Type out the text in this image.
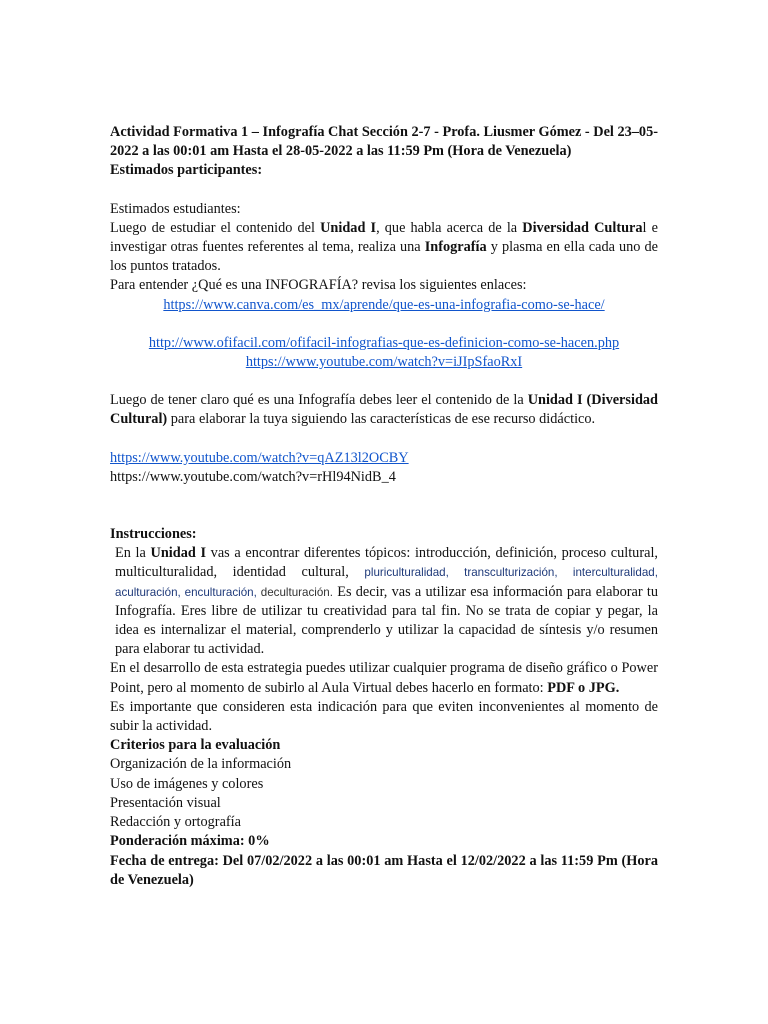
Actividad Formativa 1 – Infografía Chat Sección 2-7 - Profa. Liusmer Gómez - Del 23–05-2022 a las 00:01 am Hasta el 28-05-2022 a las 11:59 Pm (Hora de Venezuela)

Estimados participantes:

Estimados estudiantes:

Luego de estudiar el contenido del Unidad I, que habla acerca de la Diversidad Cultural e investigar otras fuentes referentes al tema, realiza una Infografía y plasma en ella cada uno de los puntos tratados.

Para entender ¿Qué es una INFOGRAFÍA? revisa los siguientes enlaces:

https://www.canva.com/es_mx/aprende/que-es-una-infografia-como-se-hace/

http://www.ofifacil.com/ofifacil-infografias-que-es-definicion-como-se-hacen.php

https://www.youtube.com/watch?v=iJIpSfaoRxI

Luego de tener claro qué es una Infografía debes leer el contenido de la Unidad I (Diversidad Cultural) para elaborar la tuya siguiendo las características de ese recurso didáctico.

https://www.youtube.com/watch?v=qAZ13l2OCBY

https://www.youtube.com/watch?v=rHl94NidB_4

Instrucciones:

En la Unidad I vas a encontrar diferentes tópicos: introducción, definición, proceso cultural, multiculturalidad, identidad cultural, pluriculturalidad, transculturización, interculturalidad, aculturación, enculturación, deculturación. Es decir, vas a utilizar esa información para elaborar tu Infografía. Eres libre de utilizar tu creatividad para tal fin. No se trata de copiar y pegar, la idea es internalizar el material, comprenderlo y utilizar la capacidad de síntesis y/o resumen para elaborar tu actividad.

En el desarrollo de esta estrategia puedes utilizar cualquier programa de diseño gráfico o Power Point, pero al momento de subirlo al Aula Virtual debes hacerlo en formato: PDF o JPG.

Es importante que consideren esta indicación para que eviten inconvenientes al momento de subir la actividad.

Criterios para la evaluación

Organización de la información

Uso de imágenes y colores

Presentación visual

Redacción y ortografía

Ponderación máxima: 0%

Fecha de entrega: Del 07/02/2022 a las 00:01 am Hasta el 12/02/2022 a las 11:59 Pm (Hora de Venezuela)
